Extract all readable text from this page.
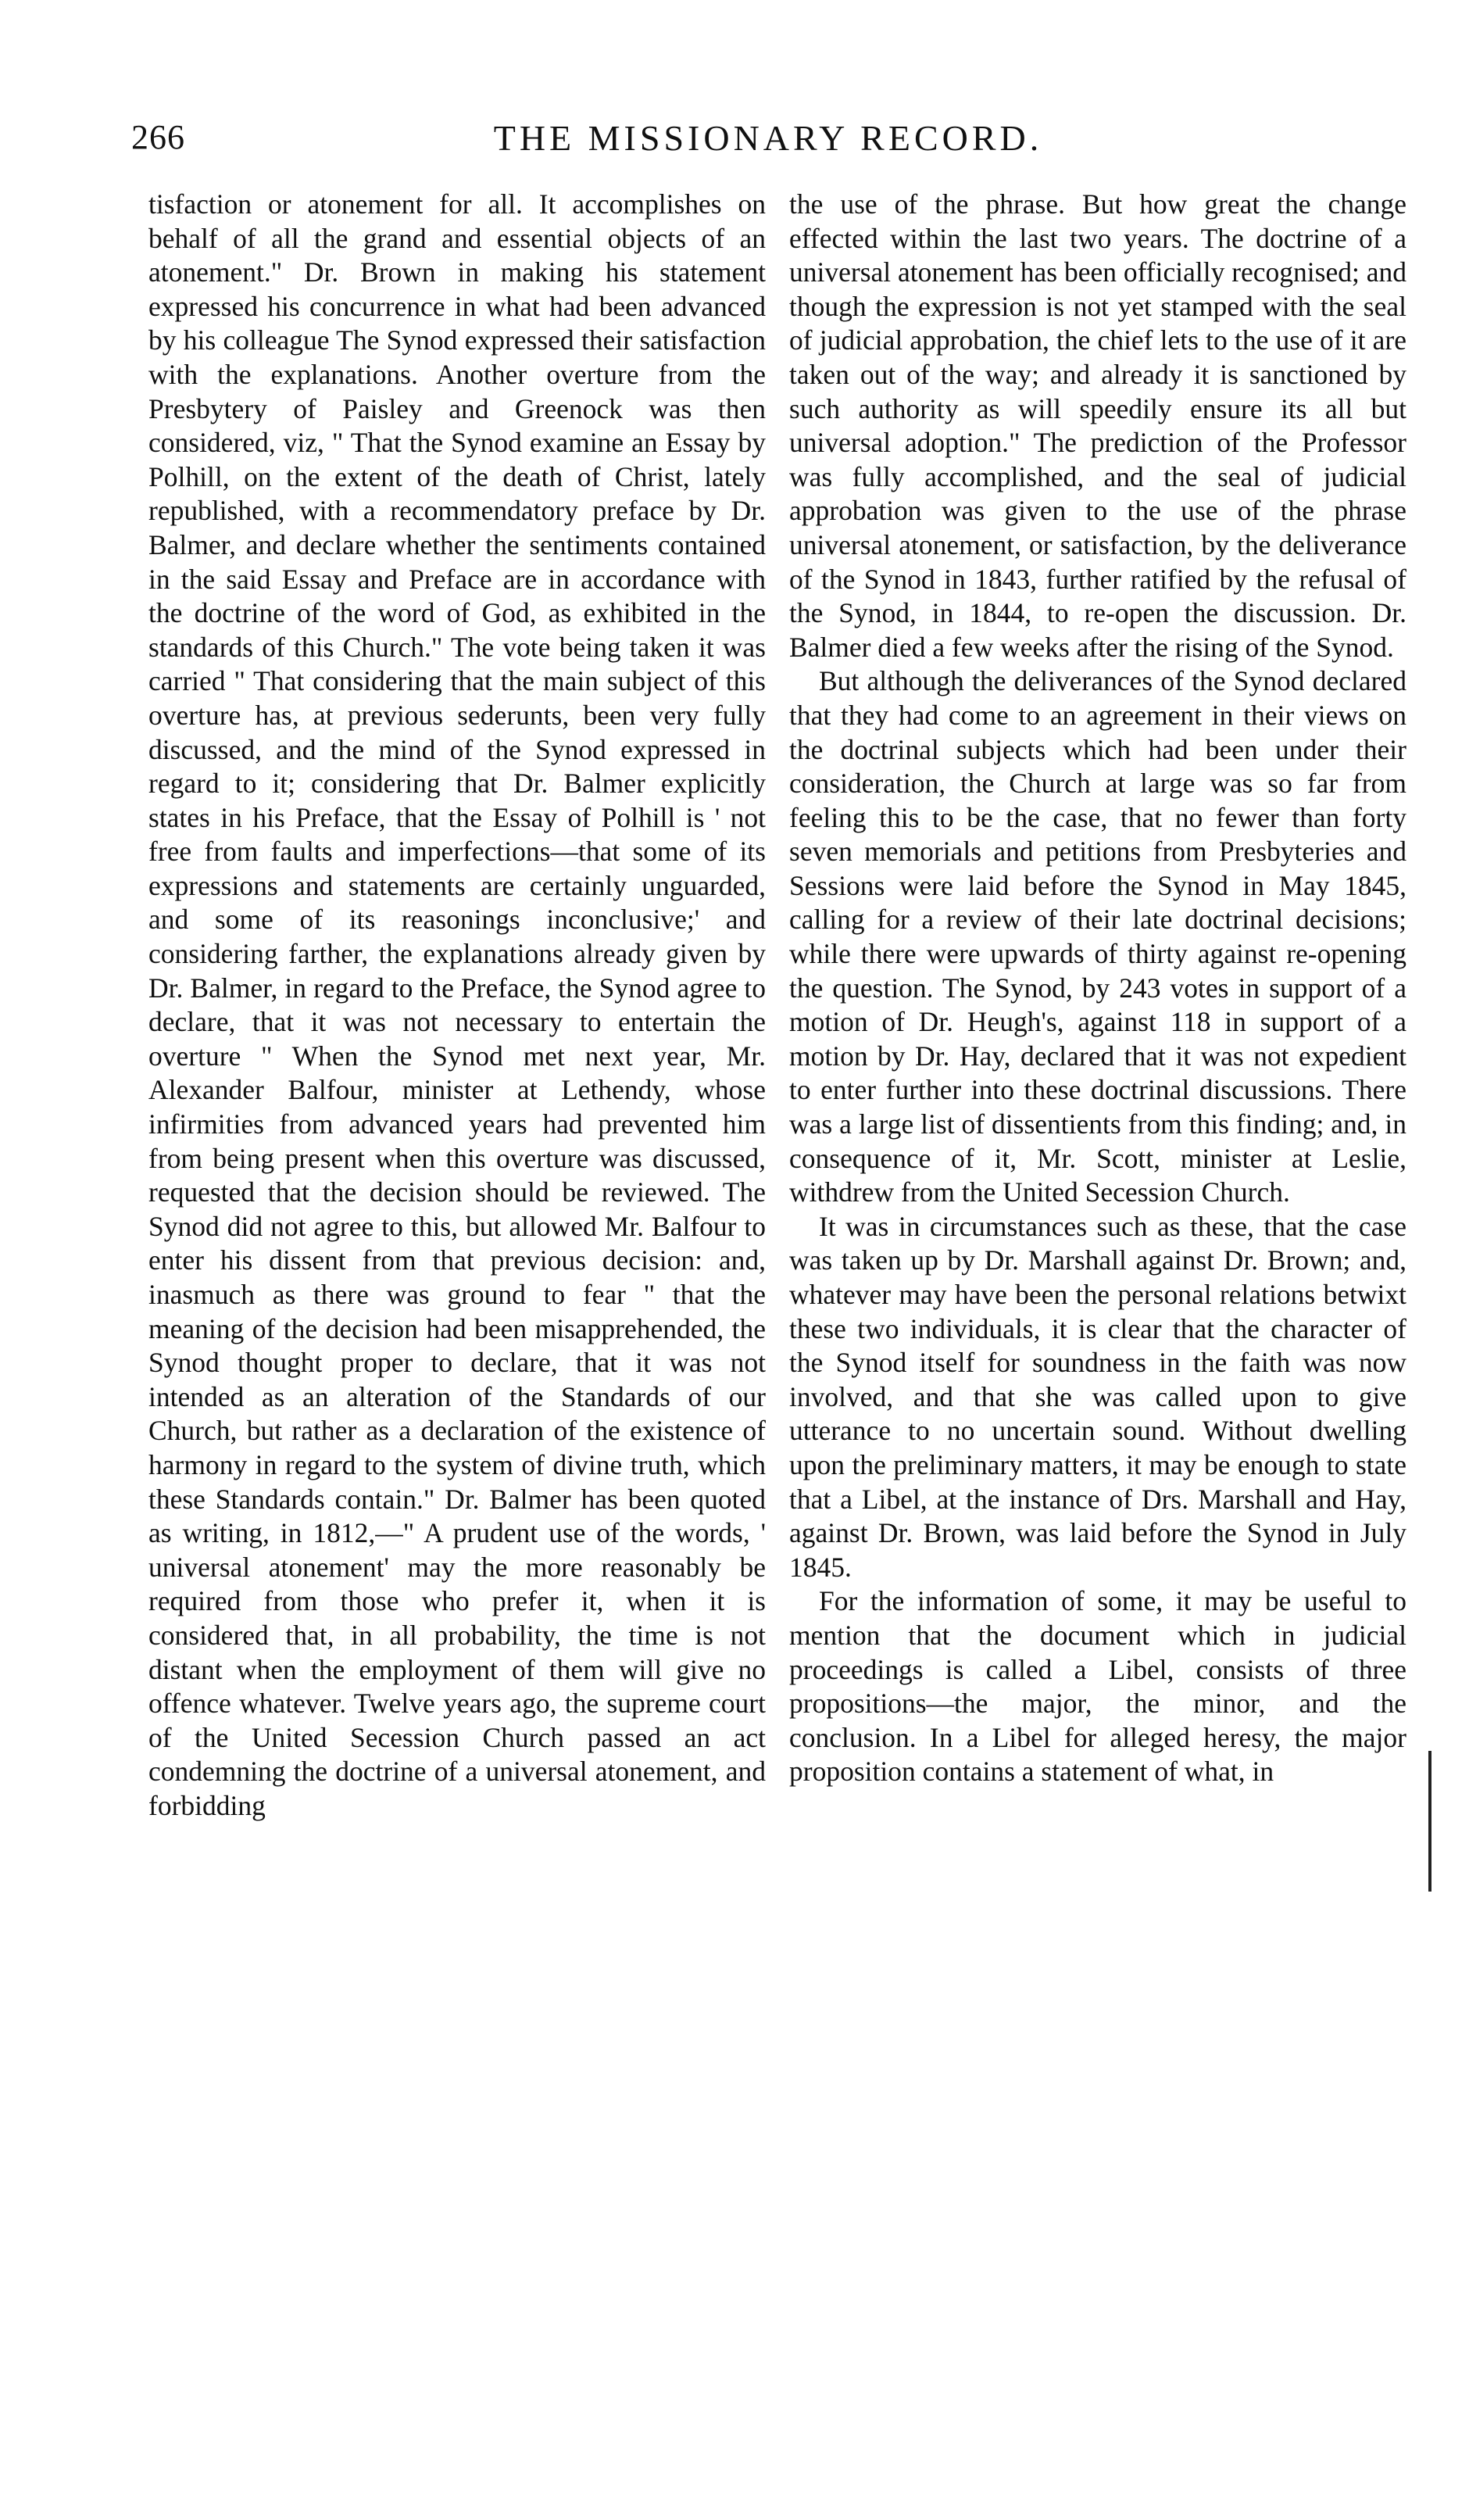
266	THE MISSIONARY RECORD.

tisfaction or atonement for all. It accomplishes on behalf of all the grand and essential objects of an atonement." Dr. Brown in making his statement expressed his concurrence in what had been advanced by his colleague The Synod expressed their satisfaction with the explanations. Another overture from the Presbytery of Paisley and Greenock was then considered, viz, " That the Synod examine an Essay by Polhill, on the extent of the death of Christ, lately republished, with a recommendatory preface by Dr. Balmer, and declare whether the sentiments contained in the said Essay and Preface are in accordance with the doctrine of the word of God, as exhibited in the standards of this Church." The vote being taken it was carried " That considering that the main subject of this overture has, at previous sederunts, been very fully discussed, and the mind of the Synod expressed in regard to it; considering that Dr. Balmer explicitly states in his Preface, that the Essay of Polhill is ' not free from faults and imperfections—that some of its expressions and statements are certainly unguarded, and some of its reasonings inconclusive;' and considering farther, the explanations already given by Dr. Balmer, in regard to the Preface, the Synod agree to declare, that it was not necessary to entertain the overture " When the Synod met next year, Mr. Alexander Balfour, minister at Lethendy, whose infirmities from advanced years had prevented him from being present when this overture was discussed, requested that the decision should be reviewed. The Synod did not agree to this, but allowed Mr. Balfour to enter his dissent from that previous decision: and, inasmuch as there was ground to fear " that the meaning of the decision had been misapprehended, the Synod thought proper to declare, that it was not intended as an alteration of the Standards of our Church, but rather as a declaration of the existence of harmony in regard to the system of divine truth, which these Standards contain." Dr. Balmer has been quoted as writing, in 1812,—" A prudent use of the words, ' universal atonement' may the more reasonably be required from those who prefer it, when it is considered that, in all probability, the time is not distant when the employment of them will give no offence whatever. Twelve years ago, the supreme court of the United Secession Church passed an act condemning the doctrine of a universal atonement, and forbidding

the use of the phrase. But how great the change effected within the last two years. The doctrine of a universal atonement has been officially recognised; and though the expression is not yet stamped with the seal of judicial approbation, the chief lets to the use of it are taken out of the way; and already it is sanctioned by such authority as will speedily ensure its all but universal adoption." The prediction of the Professor was fully accomplished, and the seal of judicial approbation was given to the use of the phrase universal atonement, or satisfaction, by the deliverance of the Synod in 1843, further ratified by the refusal of the Synod, in 1844, to re-open the discussion. Dr. Balmer died a few weeks after the rising of the Synod.

But although the deliverances of the Synod declared that they had come to an agreement in their views on the doctrinal subjects which had been under their consideration, the Church at large was so far from feeling this to be the case, that no fewer than forty seven memorials and petitions from Presbyteries and Sessions were laid before the Synod in May 1845, calling for a review of their late doctrinal decisions; while there were upwards of thirty against re-opening the question. The Synod, by 243 votes in support of a motion of Dr. Heugh's, against 118 in support of a motion by Dr. Hay, declared that it was not expedient to enter further into these doctrinal discussions. There was a large list of dissentients from this finding; and, in consequence of it, Mr. Scott, minister at Leslie, withdrew from the United Secession Church.

It was in circumstances such as these, that the case was taken up by Dr. Marshall against Dr. Brown; and, whatever may have been the personal relations betwixt these two individuals, it is clear that the character of the Synod itself for soundness in the faith was now involved, and that she was called upon to give utterance to no uncertain sound. Without dwelling upon the preliminary matters, it may be enough to state that a Libel, at the instance of Drs. Marshall and Hay, against Dr. Brown, was laid before the Synod in July 1845.

For the information of some, it may be useful to mention that the document which in judicial proceedings is called a Libel, consists of three propositions—the major, the minor, and the conclusion. In a Libel for alleged heresy, the major proposition contains a statement of what, in
